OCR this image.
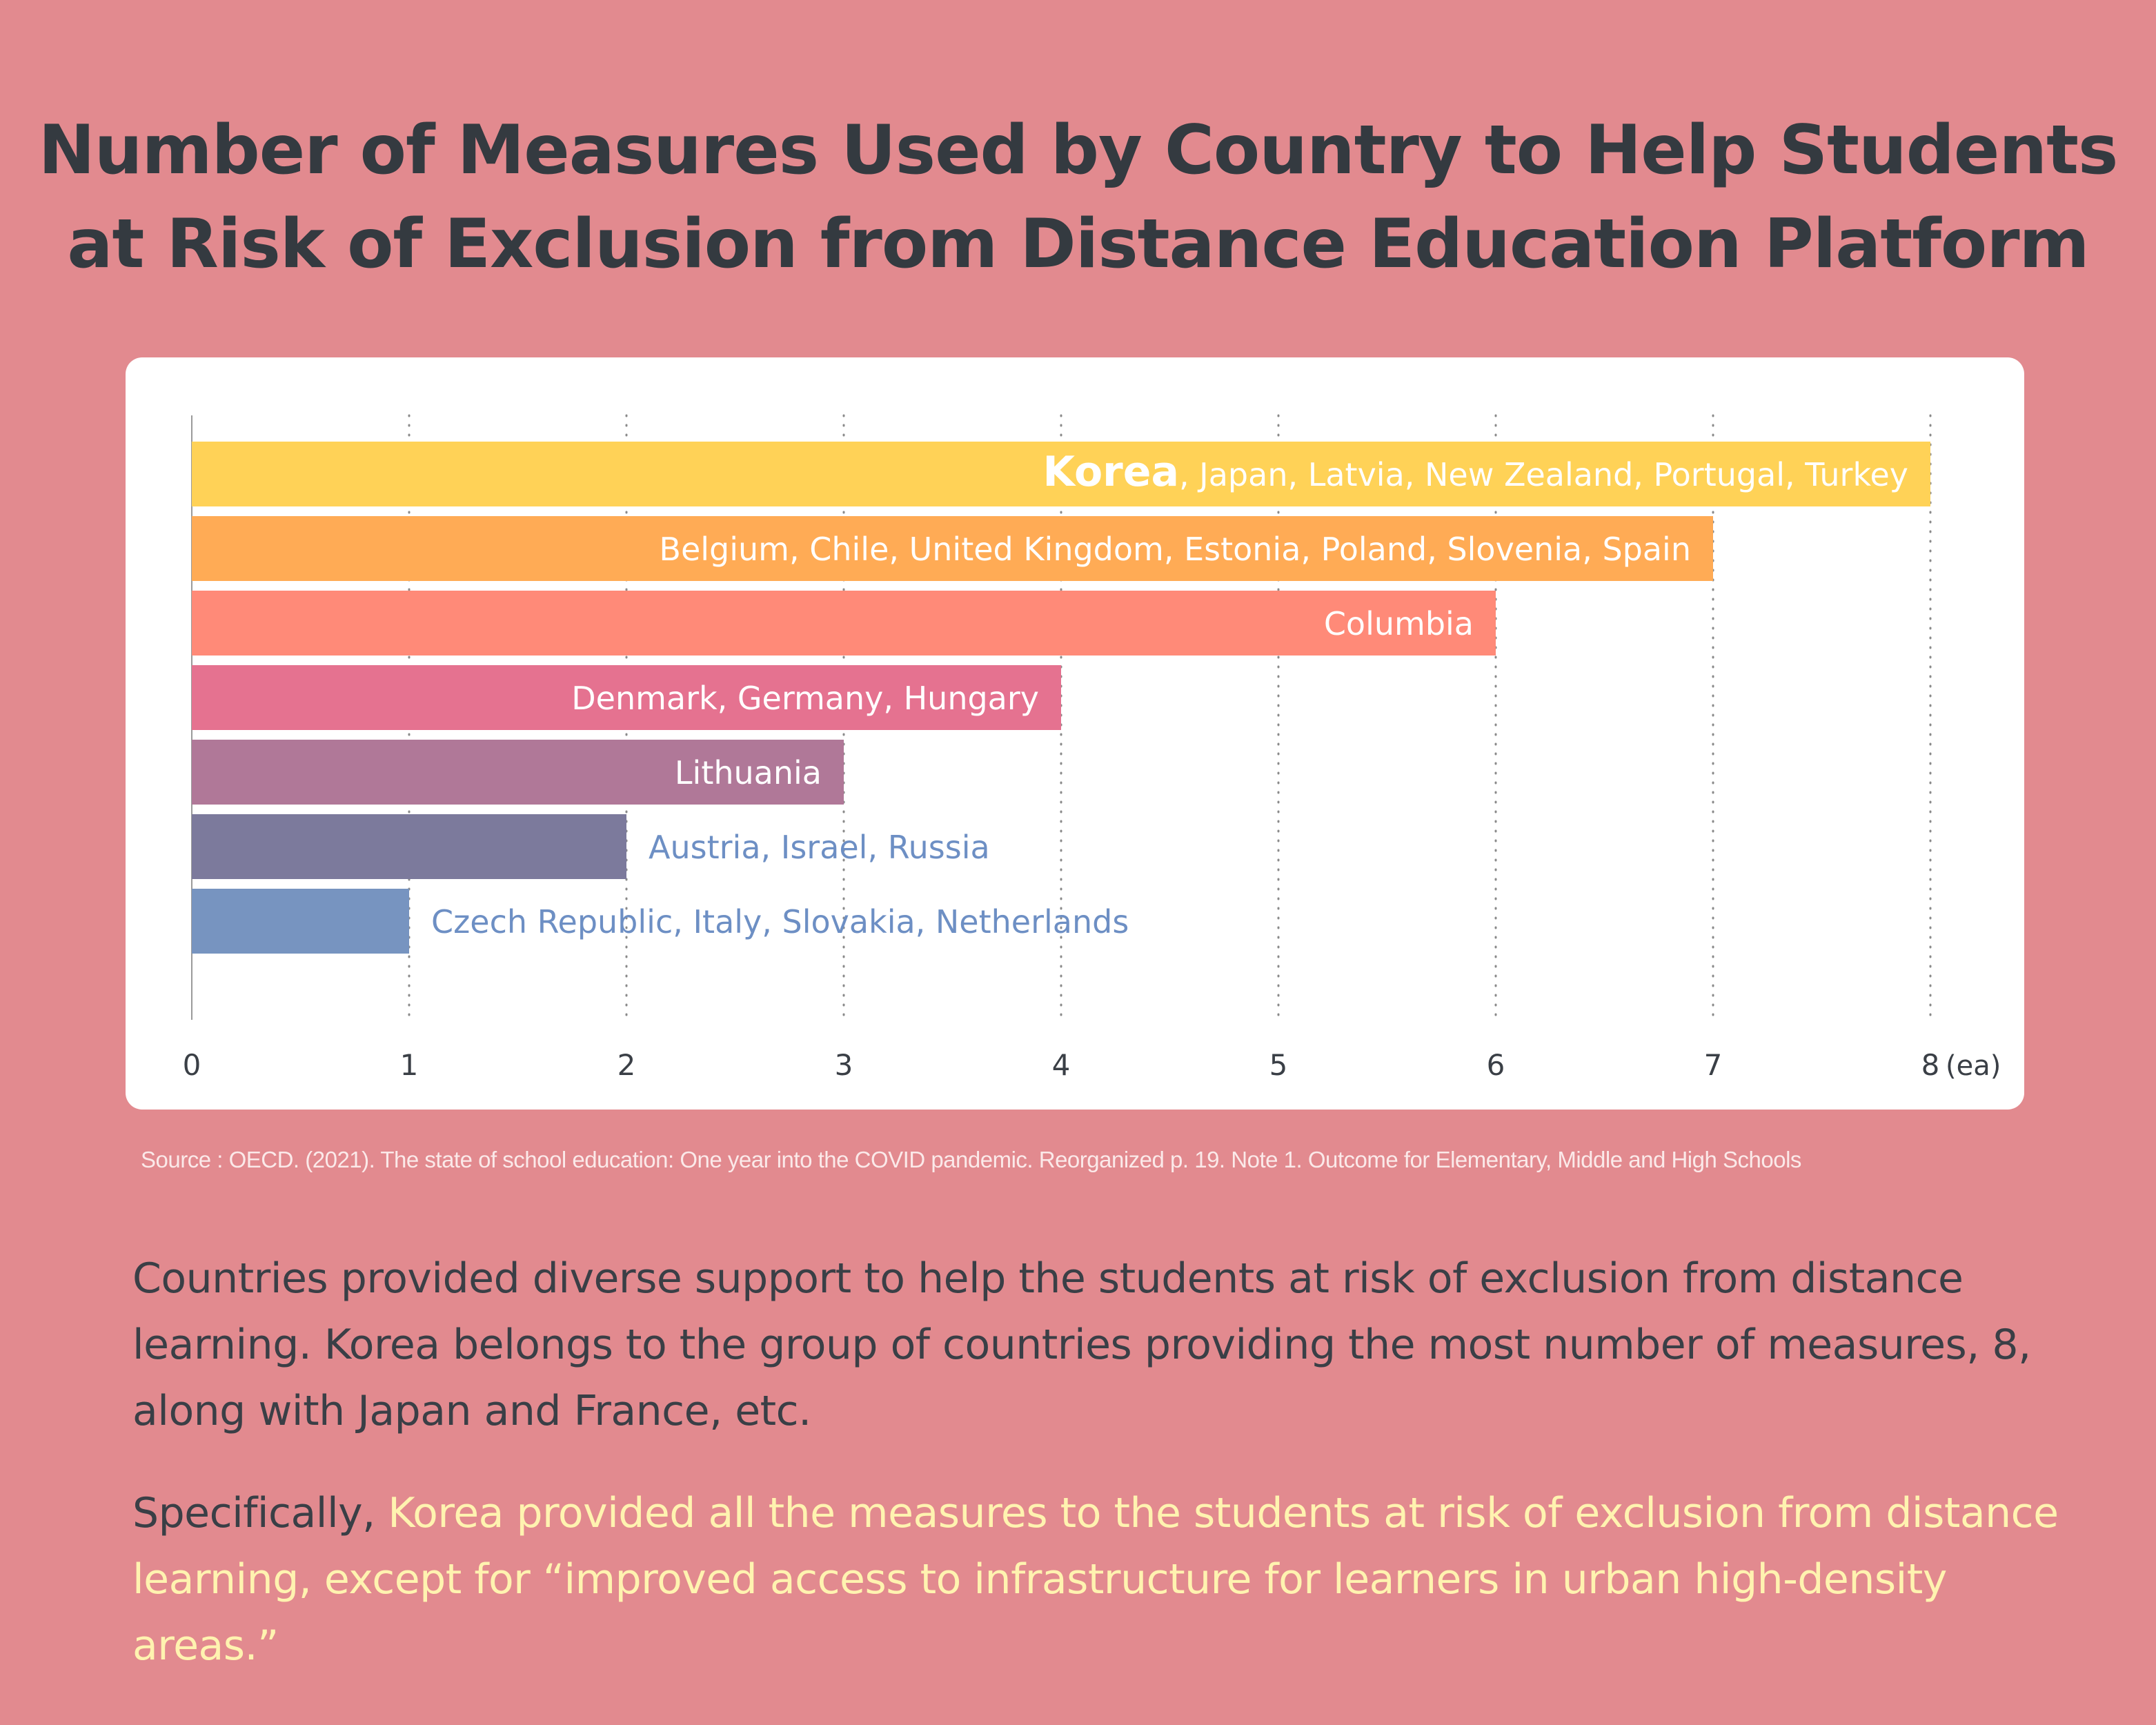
Number of Measures Used by Country to Help Students
at Risk of Exclusion from Distance Education Platform
Korea, Japan, Latvia, New Zealand, Portugal, Turkey
Belgium, Chile, United Kingdom, Estonia, Poland, Slovenia, Spain
Columbia
Denmark, Germany, Hungary
Lithuania
Austria, Israel, Russia
Czech Republic, Italy, Slovakia, Netherlands
0	1	2	3	4	5	6	7	8 (ea)
Source : OECD. (2021). The state of school education: One year into the COVID pandemic. Reorganized p. 19. Note 1. Outcome for Elementary, Middle and High Schools
Countries provided diverse support to help the students at risk of exclusion from distance learning. Korea belongs to the group of countries providing the most number of measures, 8, along with Japan and France, etc.
Specifically, Korea provided all the measures to the students at risk of exclusion from distance learning, except for “improved access to infrastructure for learners in urban high-density areas.”
